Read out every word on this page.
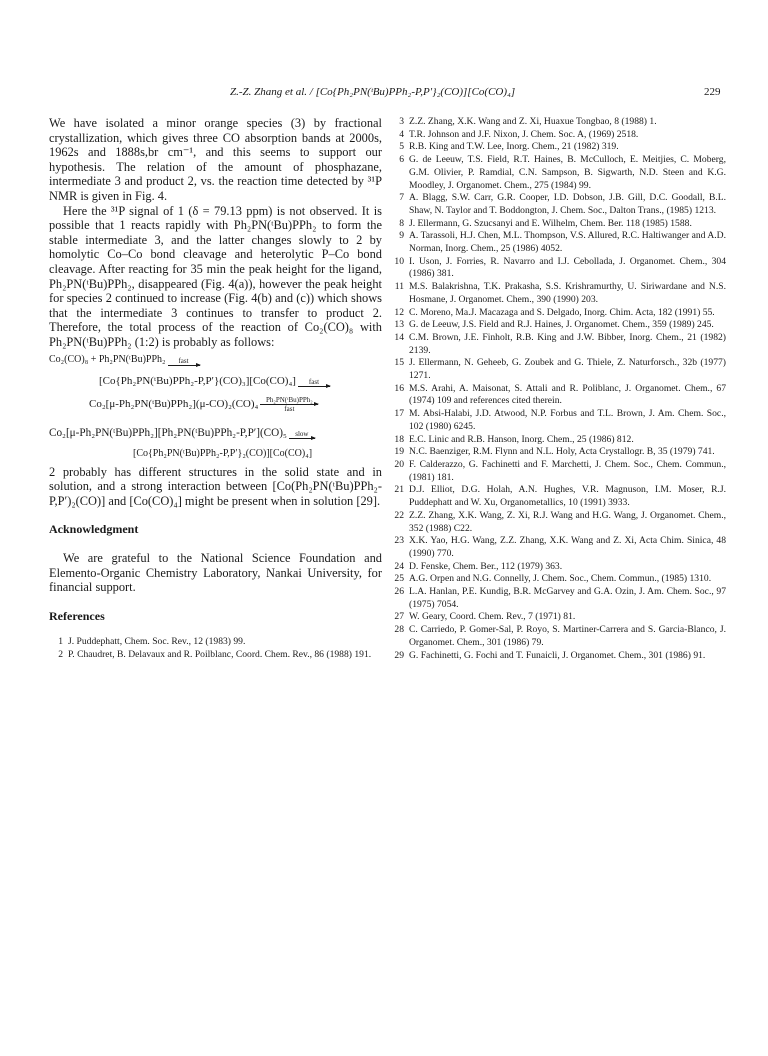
Z.-Z. Zhang et al. / [Co{Ph₂PN(ᵗBu)PPh₂-P,P′}₂(CO)][Co(CO)₄]	229

We have isolated a minor orange species (3) by fractional crystallization, which gives three CO absorption bands at 2000s, 1962s and 1888s,br cm⁻¹, and this seems to support our hypothesis. The relation of the amount of phosphazane, intermediate 3 and product 2, vs. the reaction time detected by ³¹P NMR is given in Fig. 4.

Here the ³¹P signal of 1 (δ = 79.13 ppm) is not observed. It is possible that 1 reacts rapidly with Ph₂PN(ᵗBu)PPh₂ to form the stable intermediate 3, and the latter changes slowly to 2 by homolytic Co–Co bond cleavage and heterolytic P–Co bond cleavage. After reacting for 35 min the peak height for the ligand, Ph₂PN(ᵗBu)PPh₂, disappeared (Fig. 4(a)), however the peak height for species 2 continued to increase (Fig. 4(b) and (c)) which shows that the intermediate 3 continues to transfer to product 2. Therefore, the total process of the reaction of Co₂(CO)₈ with Ph₂PN(ᵗBu)PPh₂ (1:2) is probably as follows:

Co₂(CO)₈ + Ph₂PN(ᵗBu)PPh₂ fast
[Co{Ph₂PN(ᵗBu)PPh₂-P,P′}(CO)₃][Co(CO)₄] fast
Co₂[μ-Ph₂PN(ᵗBu)PPh₂](μ-CO)₂(CO)₄ Ph₂PN(ᵗBu)PPh₂
fast
Co₂[μ-Ph₂PN(ᵗBu)PPh₂][Ph₂PN(ᵗBu)PPh₂-P,P′](CO)₅ slow
[Co{Ph₂PN(ᵗBu)PPh₂-P,P′}₂(CO)][Co(CO)₄]

2 probably has different structures in the solid state and in solution, and a strong interaction between [Co(Ph₂PN(ᵗBu)PPh₂-P,P′)₂(CO)] and [Co(CO)₄] might be present when in solution [29].

Acknowledgment

We are grateful to the National Science Foundation and Elemento-Organic Chemistry Laboratory, Nankai University, for financial support.

References
1 J. Puddephatt, Chem. Soc. Rev., 12 (1983) 99.
2 P. Chaudret, B. Delavaux and R. Poilblanc, Coord. Chem. Rev., 86 (1988) 191.
3 Z.Z. Zhang, X.K. Wang and Z. Xi, Huaxue Tongbao, 8 (1988) 1.
4 T.R. Johnson and J.F. Nixon, J. Chem. Soc. A, (1969) 2518.
5 R.B. King and T.W. Lee, Inorg. Chem., 21 (1982) 319.
6 G. de Leeuw, T.S. Field, R.T. Haines, B. McCulloch, E. Meitjies, C. Moberg, G.M. Olivier, P. Ramdial, C.N. Sampson, B. Sigwarth, N.D. Steen and K.G. Moodley, J. Organomet. Chem., 275 (1984) 99.
7 A. Blagg, S.W. Carr, G.R. Cooper, I.D. Dobson, J.B. Gill, D.C. Goodall, B.L. Shaw, N. Taylor and T. Boddongton, J. Chem. Soc., Dalton Trans., (1985) 1213.
8 J. Ellermann, G. Szucsanyi and E. Wilhelm, Chem. Ber. 118 (1985) 1588.
9 A. Tarassoli, H.J. Chen, M.L. Thompson, V.S. Allured, R.C. Haltiwanger and A.D. Norman, Inorg. Chem., 25 (1986) 4052.
10 I. Uson, J. Forries, R. Navarro and I.J. Cebollada, J. Organomet. Chem., 304 (1986) 381.
11 M.S. Balakrishna, T.K. Prakasha, S.S. Krishramurthy, U. Siriwardane and N.S. Hosmane, J. Organomet. Chem., 390 (1990) 203.
12 C. Moreno, Ma.J. Macazaga and S. Delgado, Inorg. Chim. Acta, 182 (1991) 55.
13 G. de Leeuw, J.S. Field and R.J. Haines, J. Organomet. Chem., 359 (1989) 245.
14 C.M. Brown, J.E. Finholt, R.B. King and J.W. Bibber, Inorg. Chem., 21 (1982) 2139.
15 J. Ellermann, N. Geheeb, G. Zoubek and G. Thiele, Z. Naturforsch., 32b (1977) 1271.
16 M.S. Arahi, A. Maisonat, S. Attali and R. Poliblanc, J. Organomet. Chem., 67 (1974) 109 and references cited therein.
17 M. Absi-Halabi, J.D. Atwood, N.P. Forbus and T.L. Brown, J. Am. Chem. Soc., 102 (1980) 6245.
18 E.C. Linic and R.B. Hanson, Inorg. Chem., 25 (1986) 812.
19 N.C. Baenziger, R.M. Flynn and N.L. Holy, Acta Crystallogr. B, 35 (1979) 741.
20 F. Calderazzo, G. Fachinetti and F. Marchetti, J. Chem. Soc., Chem. Commun., (1981) 181.
21 D.J. Elliot, D.G. Holah, A.N. Hughes, V.R. Magnuson, I.M. Moser, R.J. Puddephatt and W. Xu, Organometallics, 10 (1991) 3933.
22 Z.Z. Zhang, X.K. Wang, Z. Xi, R.J. Wang and H.G. Wang, J. Organomet. Chem., 352 (1988) C22.
23 X.K. Yao, H.G. Wang, Z.Z. Zhang, X.K. Wang and Z. Xi, Acta Chim. Sinica, 48 (1990) 770.
24 D. Fenske, Chem. Ber., 112 (1979) 363.
25 A.G. Orpen and N.G. Connelly, J. Chem. Soc., Chem. Commun., (1985) 1310.
26 L.A. Hanlan, P.E. Kundig, B.R. McGarvey and G.A. Ozin, J. Am. Chem. Soc., 97 (1975) 7054.
27 W. Geary, Coord. Chem. Rev., 7 (1971) 81.
28 C. Carriedo, P. Gomer-Sal, P. Royo, S. Martiner-Carrera and S. Garcia-Blanco, J. Organomet. Chem., 301 (1986) 79.
29 G. Fachinetti, G. Fochi and T. Funaicli, J. Organomet. Chem., 301 (1986) 91.
